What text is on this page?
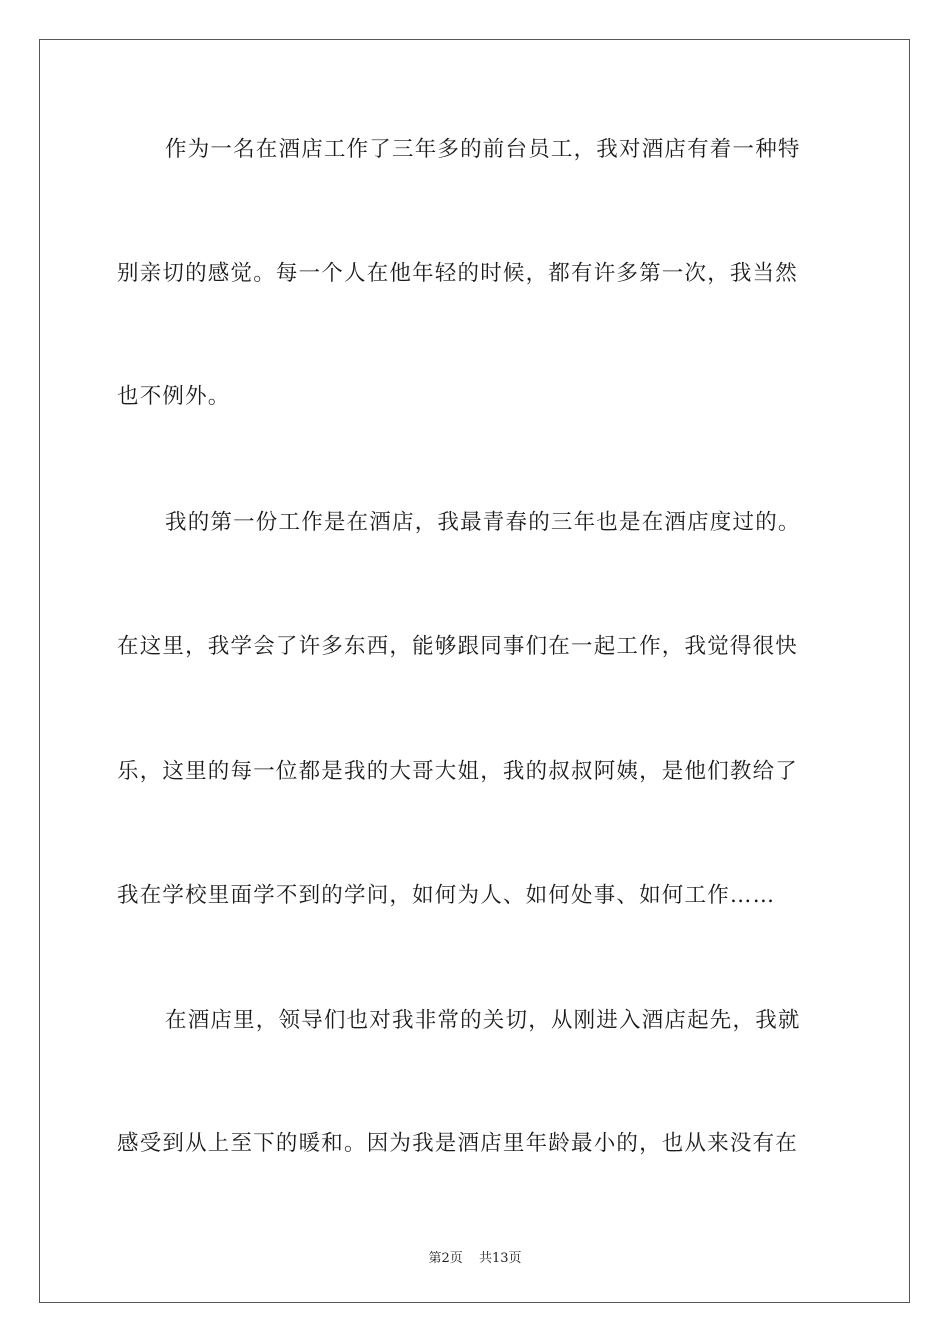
作为一名在酒店工作了三年多的前台员工，我对酒店有着一种特
别亲切的感觉。每一个人在他年轻的时候，都有许多第一次，我当然
也不例外。
我的第一份工作是在酒店，我最青春的三年也是在酒店度过的。
在这里，我学会了许多东西，能够跟同事们在一起工作，我觉得很快
乐，这里的每一位都是我的大哥大姐，我的叔叔阿姨，是他们教给了
我在学校里面学不到的学问，如何为人、如何处事、如何工作……
在酒店里，领导们也对我非常的关切，从刚进入酒店起先，我就
感受到从上至下的暖和。因为我是酒店里年龄最小的，也从来没有在
第2页 共13页
